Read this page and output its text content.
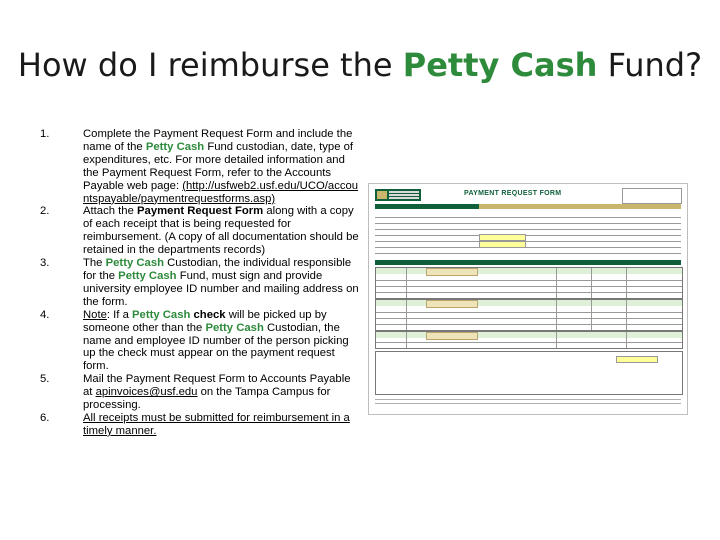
How do I reimburse the Petty Cash Fund?
1.	Complete the Payment Request Form and include the name of the Petty Cash Fund custodian, date, type of expenditures, etc. For more detailed information and the Payment Request Form, refer to the Accounts Payable web page: (http://usfweb2.usf.edu/UCO/accountspayable/paymentrequestforms.asp)
2.	Attach the Payment Request Form along with a copy of each receipt that is being requested for reimbursement. (A copy of all documentation should be retained in the departments records)
3.	The Petty Cash Custodian, the individual responsible for the Petty Cash Fund, must sign and provide university employee ID number and mailing address on the form.
4.	Note: If a Petty Cash check will be picked up by someone other than the Petty Cash Custodian, the name and employee ID number of the person picking up the check must appear on the payment request form.
5.	Mail the Payment Request Form to Accounts Payable at apinvoices@usf.edu on the Tampa Campus for processing.
6.	All receipts must be submitted for reimbursement in a timely manner.
PAYMENT REQUEST FORM
